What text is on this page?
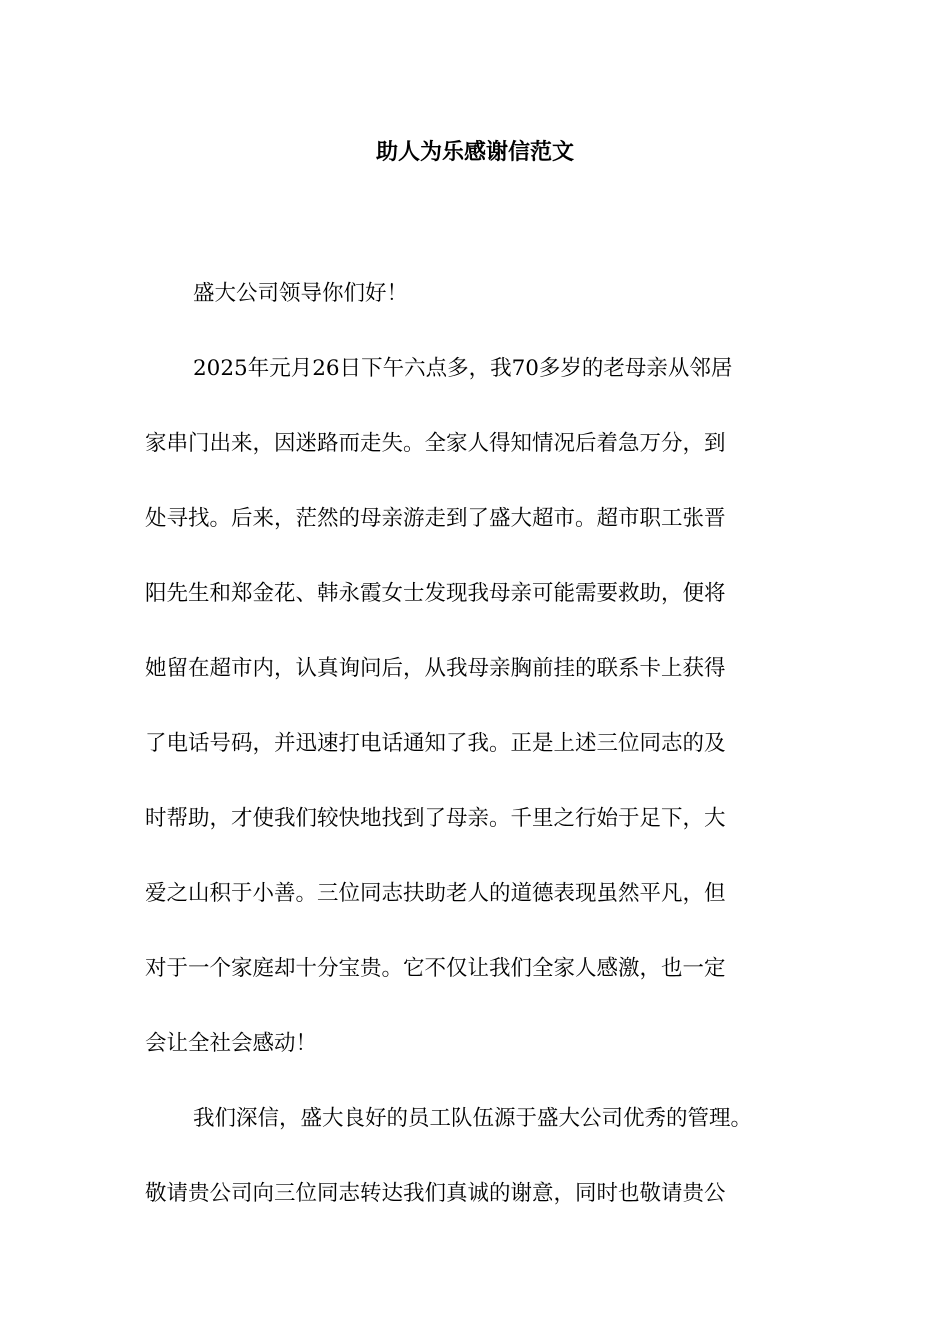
助人为乐感谢信范文
盛大公司领导你们好！
2025年元月26日下午六点多，我70多岁的老母亲从邻居
家串门出来，因迷路而走失。全家人得知情况后着急万分，到
处寻找。后来，茫然的母亲游走到了盛大超市。超市职工张晋
阳先生和郑金花、韩永霞女士发现我母亲可能需要救助，便将
她留在超市内，认真询问后，从我母亲胸前挂的联系卡上获得
了电话号码，并迅速打电话通知了我。正是上述三位同志的及
时帮助，才使我们较快地找到了母亲。千里之行始于足下，大
爱之山积于小善。三位同志扶助老人的道德表现虽然平凡，但
对于一个家庭却十分宝贵。它不仅让我们全家人感激，也一定
会让全社会感动！
我们深信，盛大良好的员工队伍源于盛大公司优秀的管理。
敬请贵公司向三位同志转达我们真诚的谢意，同时也敬请贵公
